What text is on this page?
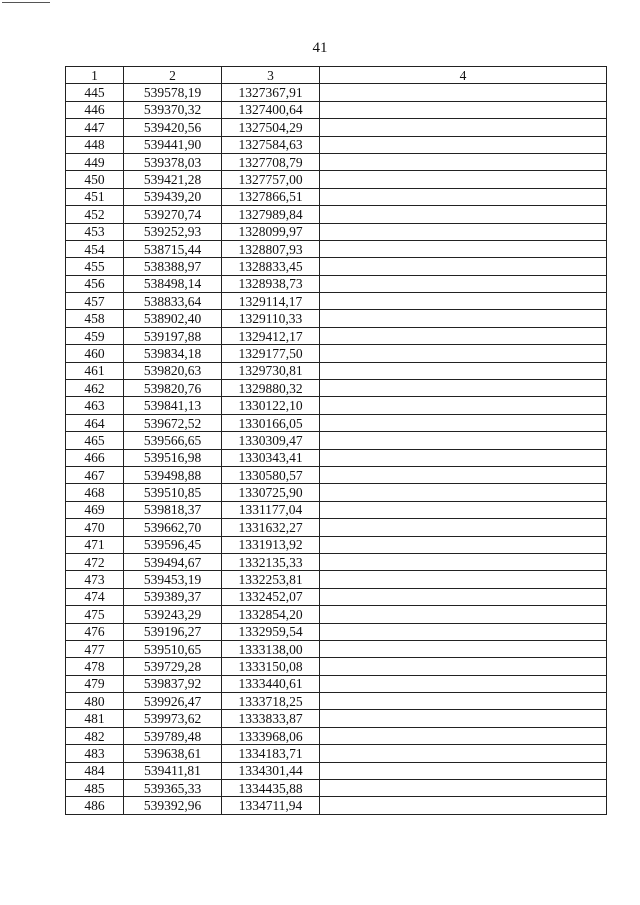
41
1	2	3	4
445	539578,19	1327367,91	
446	539370,32	1327400,64	
447	539420,56	1327504,29	
448	539441,90	1327584,63	
449	539378,03	1327708,79	
450	539421,28	1327757,00	
451	539439,20	1327866,51	
452	539270,74	1327989,84	
453	539252,93	1328099,97	
454	538715,44	1328807,93	
455	538388,97	1328833,45	
456	538498,14	1328938,73	
457	538833,64	1329114,17	
458	538902,40	1329110,33	
459	539197,88	1329412,17	
460	539834,18	1329177,50	
461	539820,63	1329730,81	
462	539820,76	1329880,32	
463	539841,13	1330122,10	
464	539672,52	1330166,05	
465	539566,65	1330309,47	
466	539516,98	1330343,41	
467	539498,88	1330580,57	
468	539510,85	1330725,90	
469	539818,37	1331177,04	
470	539662,70	1331632,27	
471	539596,45	1331913,92	
472	539494,67	1332135,33	
473	539453,19	1332253,81	
474	539389,37	1332452,07	
475	539243,29	1332854,20	
476	539196,27	1332959,54	
477	539510,65	1333138,00	
478	539729,28	1333150,08	
479	539837,92	1333440,61	
480	539926,47	1333718,25	
481	539973,62	1333833,87	
482	539789,48	1333968,06	
483	539638,61	1334183,71	
484	539411,81	1334301,44	
485	539365,33	1334435,88	
486	539392,96	1334711,94	
